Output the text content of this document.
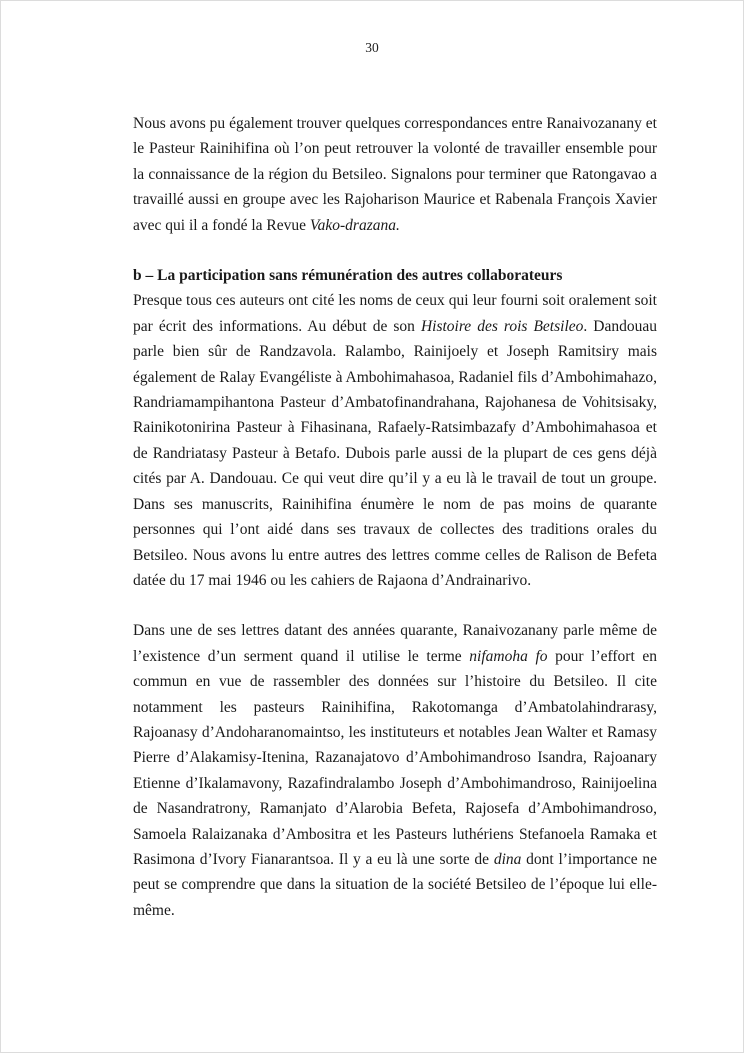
30

Nous avons pu également trouver quelques correspondances entre Ranaivozanany et le Pasteur Rainihifina où l’on peut retrouver la volonté de travailler ensemble pour la connaissance de la région du Betsileo. Signalons pour terminer que Ratongavao a travaillé aussi en groupe avec les Rajoharison Maurice et Rabenala François Xavier avec qui il a fondé la Revue Vako-drazana.

b – La participation sans rémunération des autres collaborateurs

Presque tous ces auteurs ont cité les noms de ceux qui leur fourni soit oralement soit par écrit des informations. Au début de son Histoire des rois Betsileo. Dandouau parle bien sûr de Randzavola. Ralambo, Rainijoely et Joseph Ramitsiry mais également de Ralay Evangéliste à Ambohimahasoa, Radaniel fils d’Ambohimahazo, Randriamampihantona Pasteur d’Ambatofinandrahana, Rajohanesa de Vohitsisaky, Rainikotonirina Pasteur à Fihasinana, Rafaely-Ratsimbazafy d’Ambohimahasoa et de Randriatasy Pasteur à Betafo. Dubois parle aussi de la plupart de ces gens déjà cités par A. Dandouau. Ce qui veut dire qu’il y a eu là le travail de tout un groupe. Dans ses manuscrits, Rainihifina énumère le nom de pas moins de quarante personnes qui l’ont aidé dans ses travaux de collectes des traditions orales du Betsileo. Nous avons lu entre autres des lettres comme celles de Ralison de Befeta datée du 17 mai 1946 ou les cahiers de Rajaona d’Andrainarivo.

Dans une de ses lettres datant des années quarante, Ranaivozanany parle même de l’existence d’un serment quand il utilise le terme nifamoha fo pour l’effort en commun en vue de rassembler des données sur l’histoire du Betsileo. Il cite notamment les pasteurs Rainihifina, Rakotomanga d’Ambatolahindrarasy, Rajoanasy d’Andoharanomaintso, les instituteurs et notables Jean Walter et Ramasy Pierre d’Alakamisy-Itenina, Razanajatovo d’Ambohimandroso Isandra, Rajoanary Etienne d’Ikalamavony, Razafindralambo Joseph d’Ambohimandroso, Rainijoelina de Nasandratrony, Ramanjato d’Alarobia Befeta, Rajosefa d’Ambohimandroso, Samoela Ralaizanaka d’Ambositra et les Pasteurs luthériens Stefanoela Ramaka et Rasimona d’Ivory Fianarantsoa. Il y a eu là une sorte de dina dont l’importance ne peut se comprendre que dans la situation de la société Betsileo de l’époque lui elle-même.
